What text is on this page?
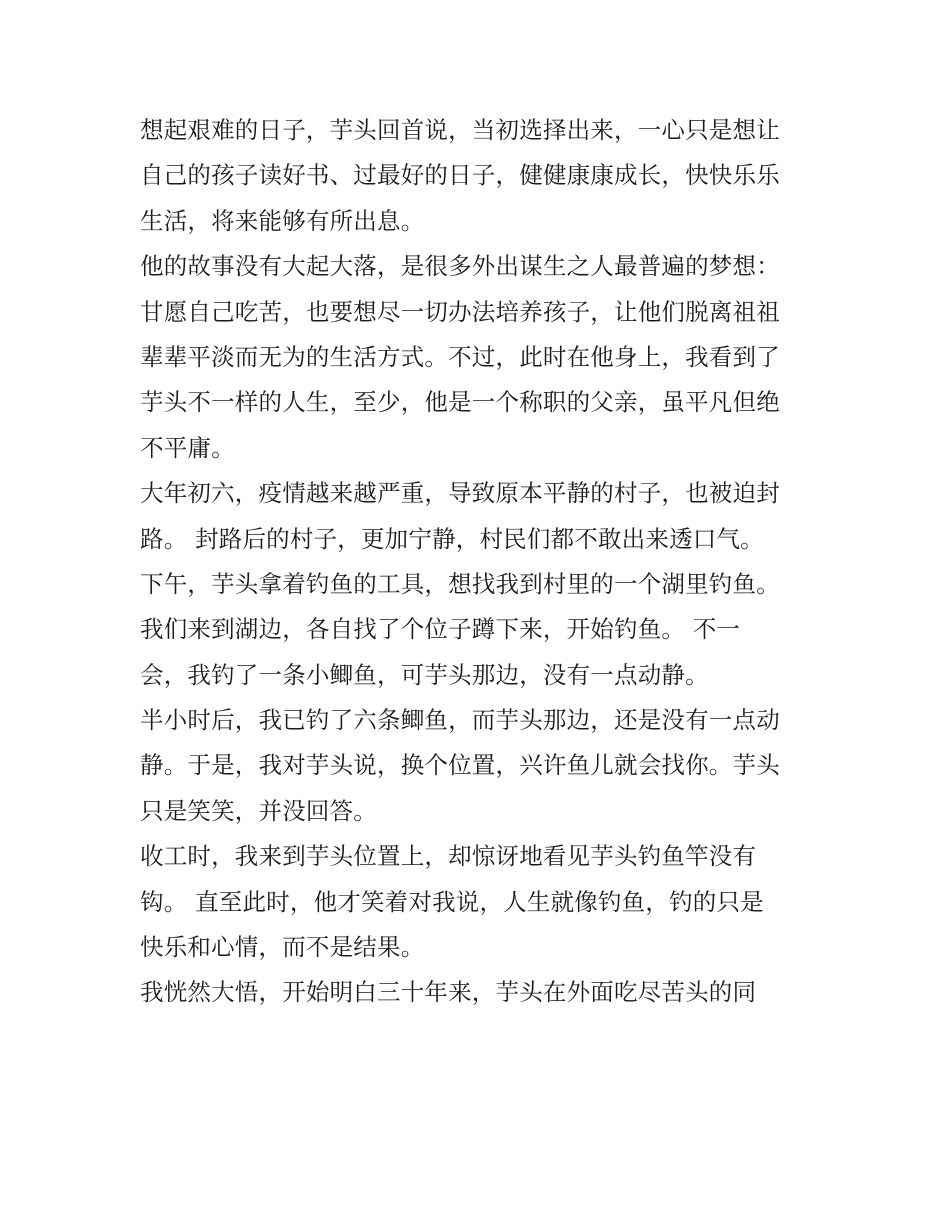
想起艰难的日子，芋头回首说，当初选择出来，一心只是想让
自己的孩子读好书、过最好的日子，健健康康成长，快快乐乐
生活，将来能够有所出息。
他的故事没有大起大落，是很多外出谋生之人最普遍的梦想：
甘愿自己吃苦，也要想尽一切办法培养孩子，让他们脱离祖祖
辈辈平淡而无为的生活方式。不过，此时在他身上，我看到了
芋头不一样的人生，至少，他是一个称职的父亲，虽平凡但绝
不平庸。
大年初六，疫情越来越严重，导致原本平静的村子，也被迫封
路。 封路后的村子，更加宁静，村民们都不敢出来透口气。
下午，芋头拿着钓鱼的工具，想找我到村里的一个湖里钓鱼。
我们来到湖边，各自找了个位子蹲下来，开始钓鱼。 不一
会，我钓了一条小鲫鱼，可芋头那边，没有一点动静。
半小时后，我已钓了六条鲫鱼，而芋头那边，还是没有一点动
静。于是，我对芋头说，换个位置，兴许鱼儿就会找你。芋头
只是笑笑，并没回答。
收工时，我来到芋头位置上，却惊讶地看见芋头钓鱼竿没有
钩。 直至此时，他才笑着对我说，人生就像钓鱼，钓的只是
快乐和心情，而不是结果。
我恍然大悟，开始明白三十年来，芋头在外面吃尽苦头的同
